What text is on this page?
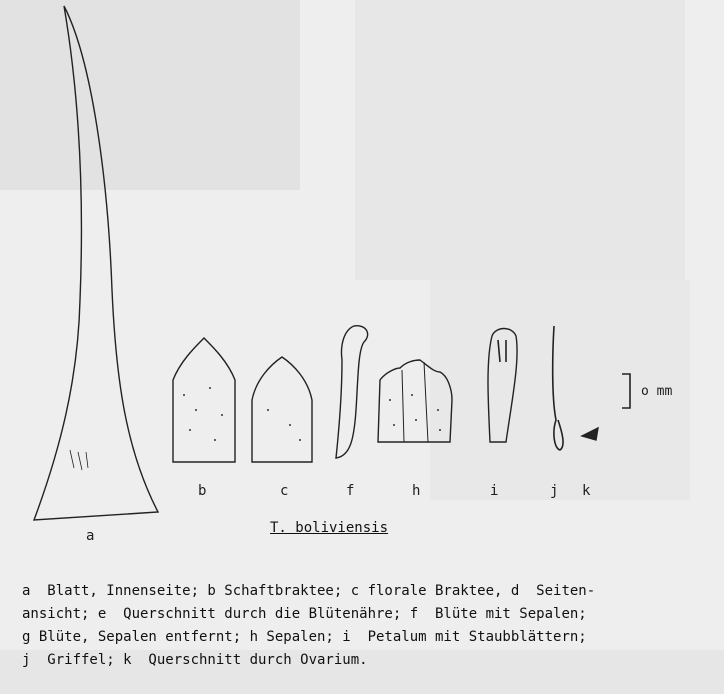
a
b	c	f	h	i	j k
o mm
T. boliviensis
a  Blatt, Innenseite; b Schaftbraktee; c florale Braktee, d  Seiten-
ansicht; e  Querschnitt durch die Blütenähre; f  Blüte mit Sepalen;
g Blüte, Sepalen entfernt; h Sepalen; i  Petalum mit Staubblättern;
j  Griffel; k  Querschnitt durch Ovarium.
